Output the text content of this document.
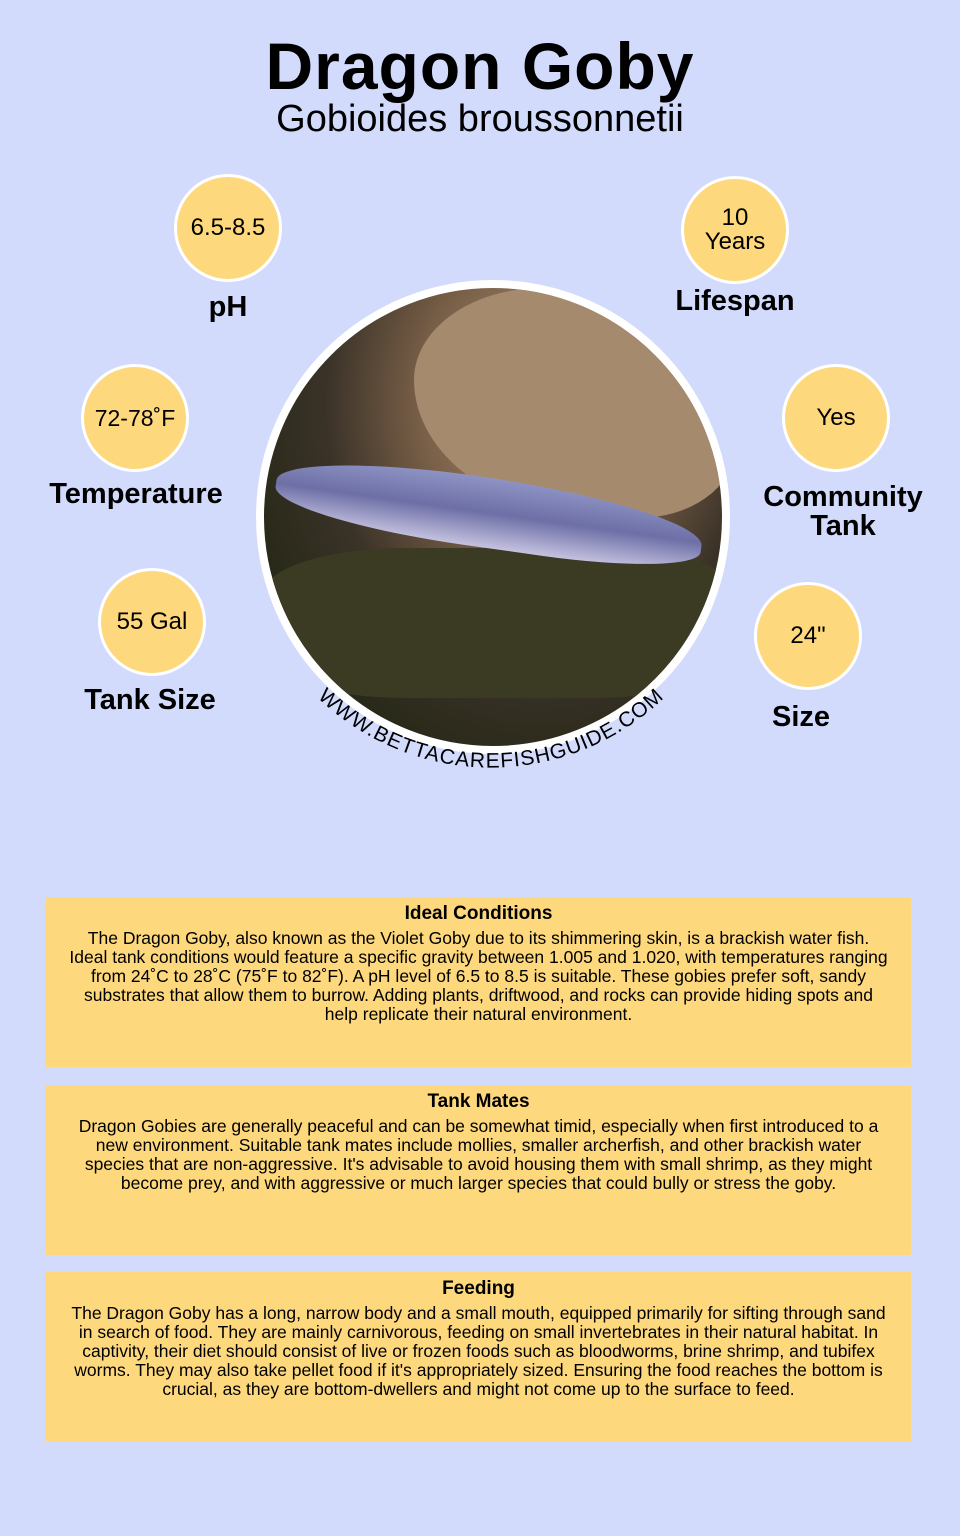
Dragon Goby
Gobioides broussonnetii
6.5-8.5
pH
10 Years
Lifespan
72-78˚F
Temperature
Yes
Community Tank
55 Gal
Tank Size
24"
Size
WWW.BETTACAREFISHGUIDE.COM
Ideal Conditions

The Dragon Goby, also known as the Violet Goby due to its shimmering skin, is a brackish water fish. Ideal tank conditions would feature a specific gravity between 1.005 and 1.020, with temperatures ranging from 24˚C to 28˚C (75˚F to 82˚F). A pH level of 6.5 to 8.5 is suitable. These gobies prefer soft, sandy substrates that allow them to burrow. Adding plants, driftwood, and rocks can provide hiding spots and help replicate their natural environment.

Tank Mates

Dragon Gobies are generally peaceful and can be somewhat timid, especially when first introduced to a new environment. Suitable tank mates include mollies, smaller archerfish, and other brackish water species that are non-aggressive. It's advisable to avoid housing them with small shrimp, as they might become prey, and with aggressive or much larger species that could bully or stress the goby.

Feeding

The Dragon Goby has a long, narrow body and a small mouth, equipped primarily for sifting through sand in search of food. They are mainly carnivorous, feeding on small invertebrates in their natural habitat. In captivity, their diet should consist of live or frozen foods such as bloodworms, brine shrimp, and tubifex worms. They may also take pellet food if it's appropriately sized. Ensuring the food reaches the bottom is crucial, as they are bottom-dwellers and might not come up to the surface to feed.
